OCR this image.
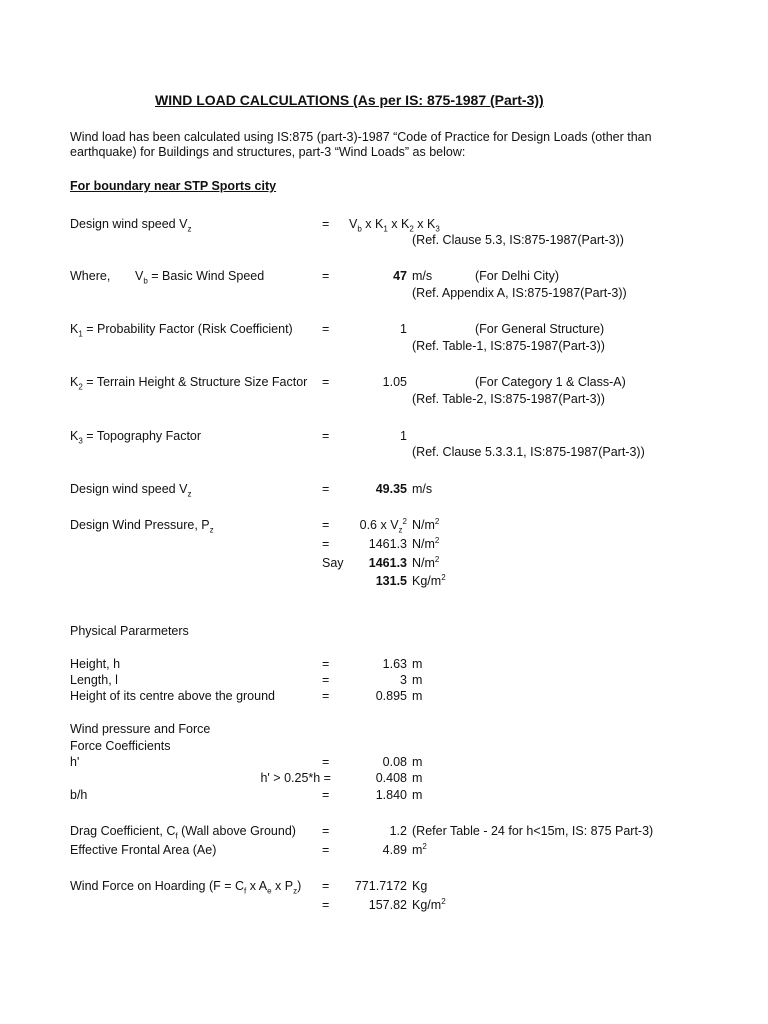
WIND LOAD CALCULATIONS (As per IS: 875-1987 (Part-3))
Wind load has been calculated using IS:875 (part-3)-1987 “Code of Practice for Design Loads (other than
earthquake) for Buildings and structures, part-3 “Wind Loads” as below:
For boundary near STP Sports city
Design wind speed $V_z$	= $V_b$ x $K_1$ x $K_2$ x $K_3$
(Ref. Clause 5.3, IS:875-1987(Part-3))
Where, $V_b$ = Basic Wind Speed	=	47 m/s	(For Delhi City)
(Ref. Appendix A, IS:875-1987(Part-3))
$K_1$ = Probability Factor (Risk Coefficient) =	1	(For General Structure)
(Ref. Table-1, IS:875-1987(Part-3))
$K_2$ = Terrain Height & Structure Size Factor =	1.05	(For Category 1 & Class-A)
(Ref. Table-2, IS:875-1987(Part-3))
$K_3$ = Topography Factor	=	1
(Ref. Clause 5.3.3.1, IS:875-1987(Part-3))
Design wind speed $V_z$	=	49.35 m/s
Design Wind Pressure, $P_z$	=	0.6 x $V_z^2$ $N/m^2$
=	1461.3 $N/m^2$
Say	1461.3 $N/m^2$
131.5 $Kg/m^2$
Physical Pararmeters
Height, h	=	1.63 m
Length, l	=	3 m
Height of its centre above the ground	=	0.895 m
Wind pressure and Force
Force Coefficients
h'	=	0.08 m
h' > 0.25*h =	0.408 m
b/h	=	1.840 m
Drag Coefficient, $C_f$ (Wall above Ground) =	1.2 (Refer Table - 24 for h<15m, IS: 875 Part-3)
Effective Frontal Area (Ae)	=	4.89 $m^2$
Wind Force on Hoarding ($F = C_f$ x $A_e$ x $P_z$) =	771.7172 Kg
=	157.82 $Kg/m^2$
